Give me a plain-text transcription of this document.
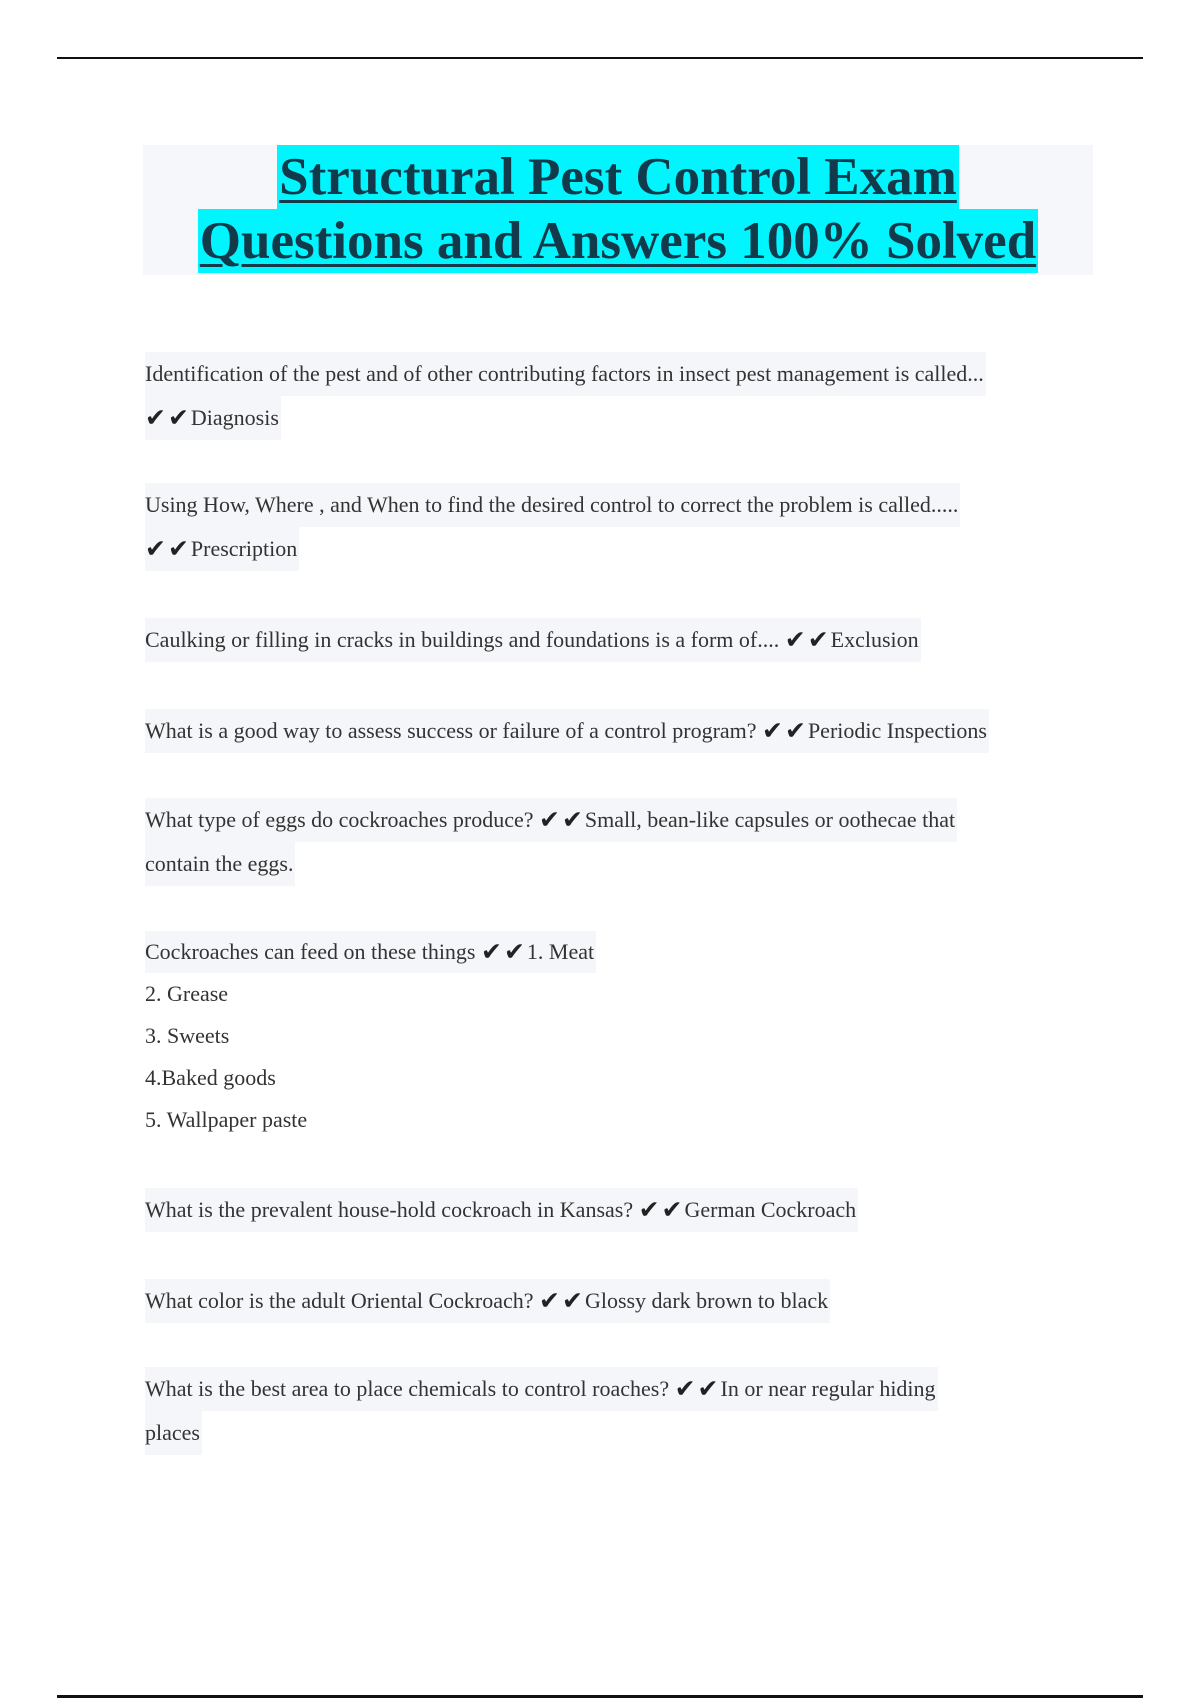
Structural Pest Control Exam
Questions and Answers 100% Solved
Identification of the pest and of other contributing factors in insect pest management is called...
✔︎✔︎Diagnosis
Using How, Where , and When to find the desired control to correct the problem is called.....
✔︎✔︎Prescription
Caulking or filling in cracks in buildings and foundations is a form of.... ✔︎✔︎Exclusion
What is a good way to assess success or failure of a control program? ✔︎✔︎Periodic Inspections
What type of eggs do cockroaches produce? ✔︎✔︎Small, bean-like capsules or oothecae that
contain the eggs.
Cockroaches can feed on these things ✔︎✔︎1. Meat
2. Grease
3. Sweets
4.Baked goods
5. Wallpaper paste
What is the prevalent house-hold cockroach in Kansas? ✔︎✔︎German Cockroach
What color is the adult Oriental Cockroach? ✔︎✔︎Glossy dark brown to black
What is the best area to place chemicals to control roaches? ✔︎✔︎In or near regular hiding
places
